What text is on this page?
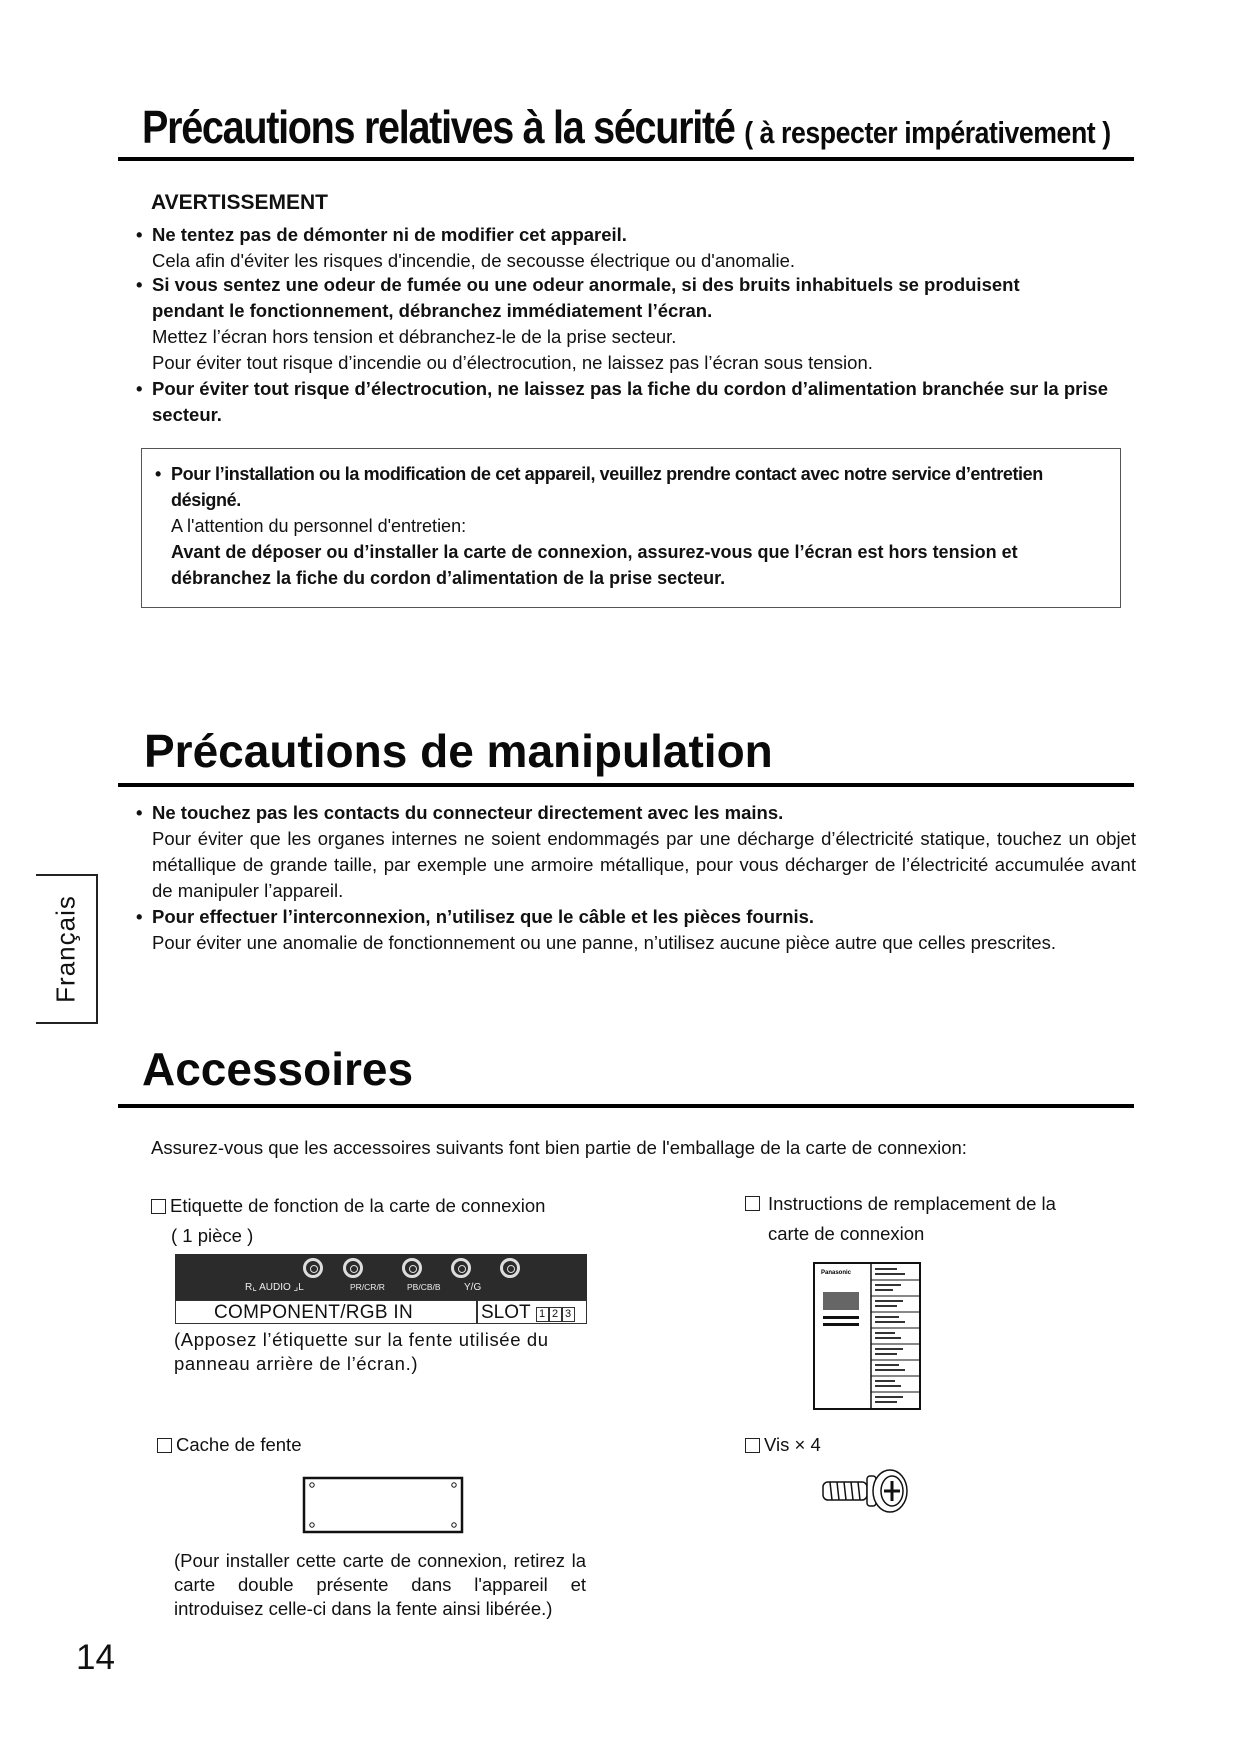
Précautions relatives à la sécurité ( à respecter impérativement )
AVERTISSEMENT
• Ne tentez pas de démonter ni de modifier cet appareil.
Cela afin d'éviter les risques d'incendie, de secousse électrique ou d'anomalie.
• Si vous sentez une odeur de fumée ou une odeur anormale, si des bruits inhabituels se produisent pendant le fonctionnement, débranchez immédiatement l’écran.
Mettez l’écran hors tension et débranchez-le de la prise secteur.
Pour éviter tout risque d’incendie ou d’électrocution, ne laissez pas l’écran sous tension.
• Pour éviter tout risque d’électrocution, ne laissez pas la fiche du cordon d’alimentation branchée sur la prise secteur.
• Pour l’installation ou la modification de cet appareil, veuillez prendre contact avec notre service d’entretien désigné.
A l'attention du personnel d'entretien:
Avant de déposer ou d’installer la carte de connexion, assurez-vous que l’écran est hors tension et débranchez la fiche du cordon d’alimentation de la prise secteur.
Précautions de manipulation
• Ne touchez pas les contacts du connecteur directement avec les mains.

Pour éviter que les organes internes ne soient endommagés par une décharge d’électricité statique, touchez un objet métallique de grande taille, par exemple une armoire métallique, pour vous décharger de l’électricité accumulée avant de manipuler l’appareil.
• Pour effectuer l’interconnexion, n’utilisez que le câble et les pièces fournis.
Pour éviter une anomalie de fonctionnement ou une panne, n’utilisez aucune pièce autre que celles prescrites.
Français
Accessoires
Assurez-vous que les accessoires suivants font bien partie de l'emballage de la carte de connexion:
Etiquette de fonction de la carte de connexion
( 1 pièce )
R⌞ AUDIO ⌟L	PR/CR/R	PB/CB/B Y/G
COMPONENT/RGB IN	SLOT 1 2 3
(Apposez l’étiquette sur la fente utilisée du panneau arrière de l’écran.)
Instructions de remplacement de la carte de connexion
Panasonic
Cache de fente
(Pour installer cette carte de connexion, retirez la carte double présente dans l'appareil et introduisez celle-ci dans la fente ainsi libérée.)
Vis × 4
14
